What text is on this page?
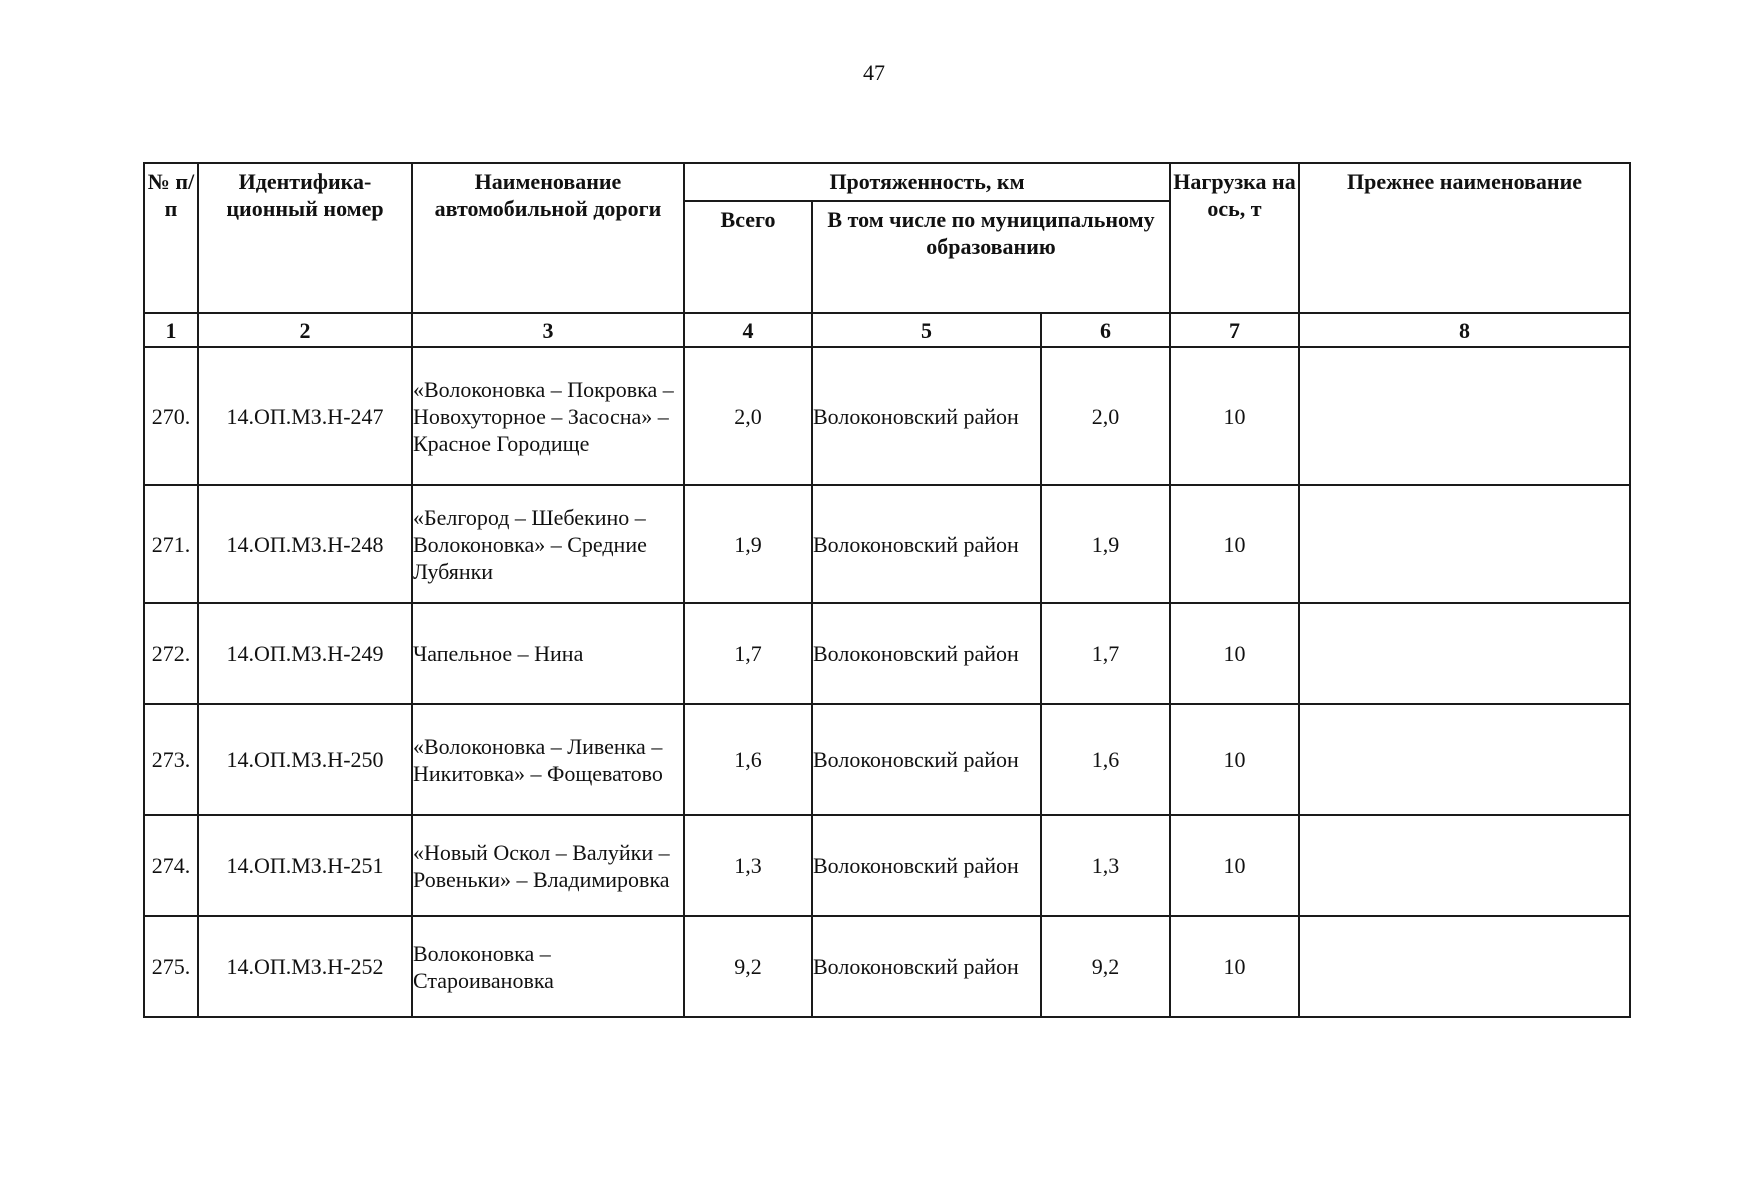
47
№ п/п	Идентифика-ционный номер	Наименование автомобильной дороги	Протяженность, км			Нагрузка на ось, т	Прежнее наименование
			Всего	В том числе по муниципальному образованию			
1	2	3	4	5	6	7	8
270.	14.ОП.МЗ.Н-247	«Волоконовка – Покровка – Новохуторное – Засосна» – Красное Городище	2,0	Волоконовский район	2,0	10	
271.	14.ОП.МЗ.Н-248	«Белгород – Шебекино – Волоконовка» – Средние Лубянки	1,9	Волоконовский район	1,9	10	
272.	14.ОП.МЗ.Н-249	Чапельное – Нина	1,7	Волоконовский район	1,7	10	
273.	14.ОП.МЗ.Н-250	«Волоконовка – Ливенка – Никитовка» – Фощеватово	1,6	Волоконовский район	1,6	10	
274.	14.ОП.МЗ.Н-251	«Новый Оскол – Валуйки – Ровеньки» – Владимировка	1,3	Волоконовский район	1,3	10	
275.	14.ОП.МЗ.Н-252	Волоконовка – Староивановка	9,2	Волоконовский район	9,2	10	
